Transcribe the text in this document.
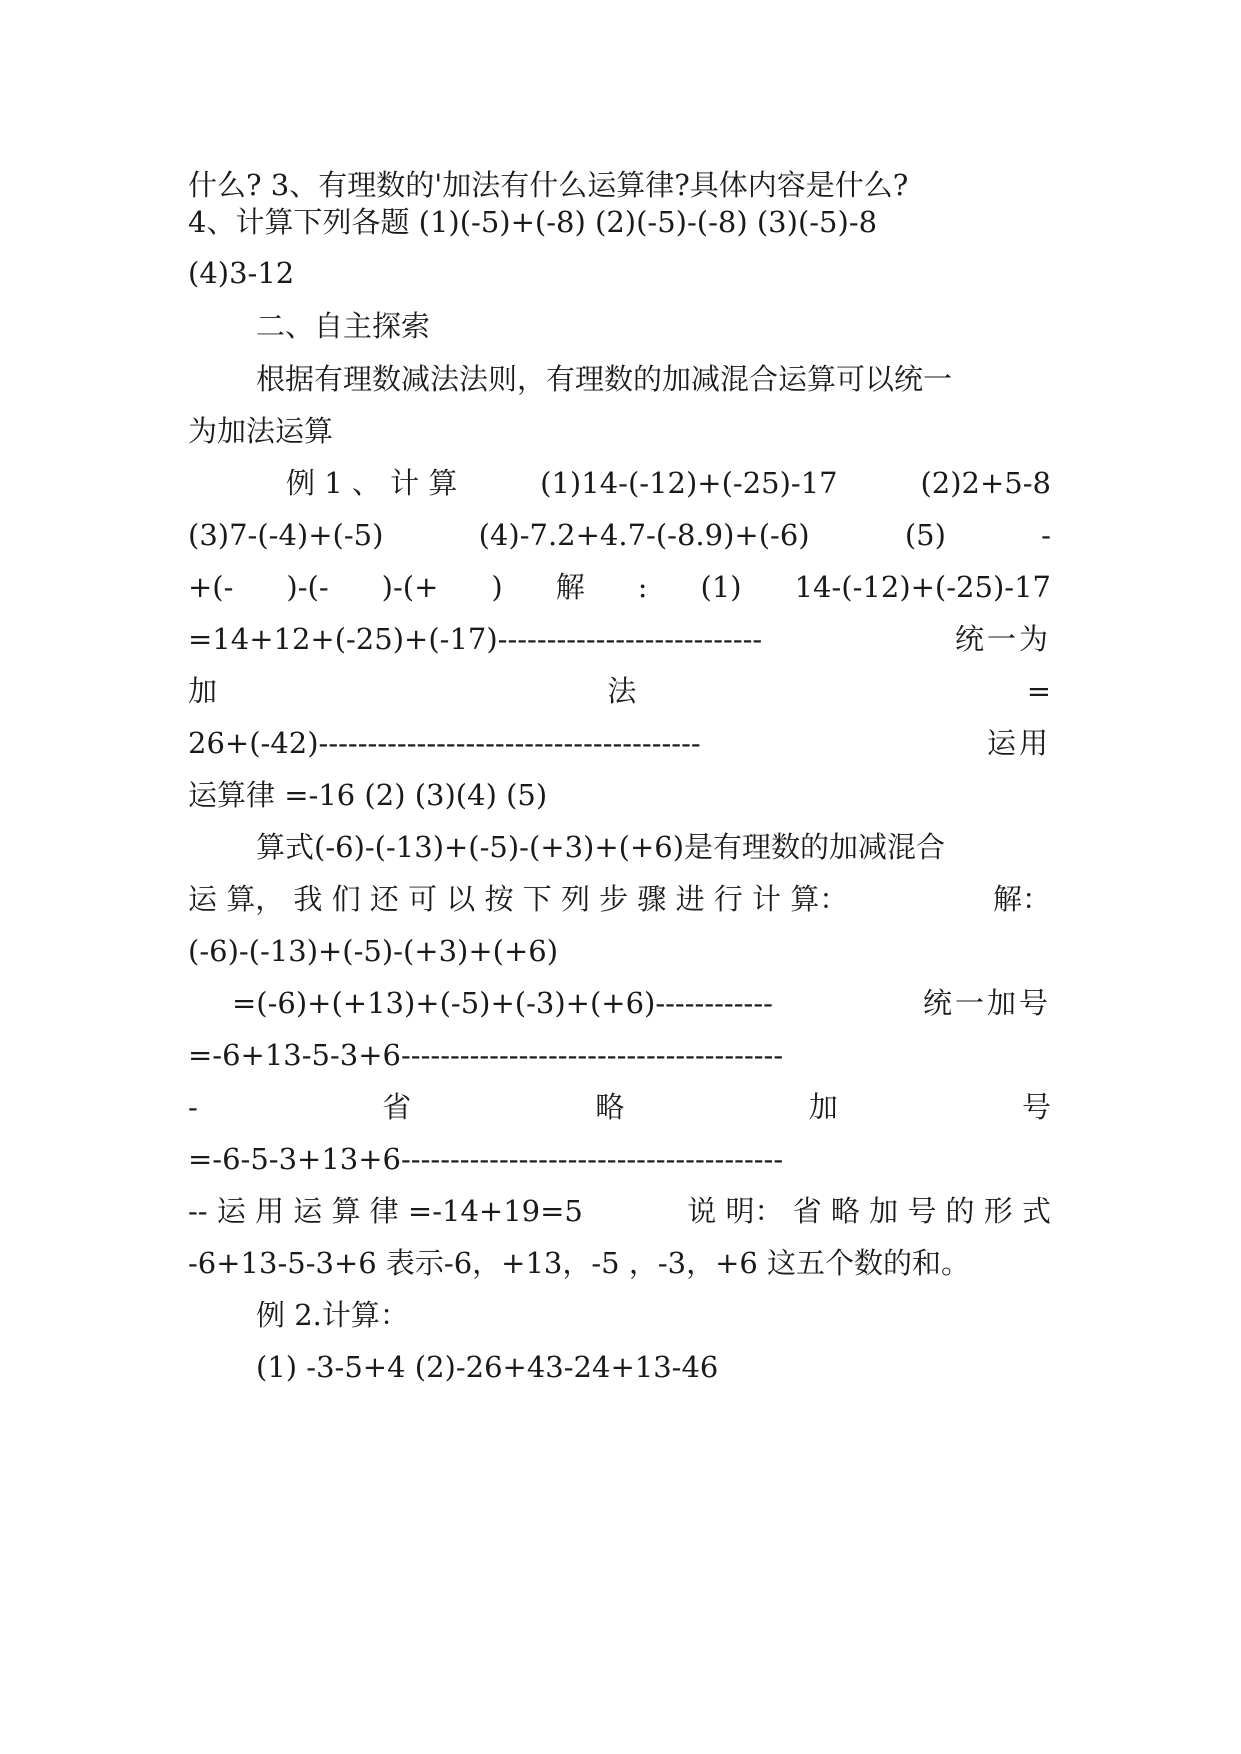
什么? 3、有理数的'加法有什么运算律?具体内容是什么?
4、计算下列各题 (1)(-5)+(-8) (2)(-5)-(-8) (3)(-5)-8
(4)3-12
二、自主探索
根据有理数减法法则，有理数的加减混合运算可以统一
为加法运算
例 1 、 计 算	(1)14-(-12)+(-25)-17	(2)2+5-8
(3)7-(-4)+(-5)	(4)-7.2+4.7-(-8.9)+(-6)	(5)	-
+(- )-(- )-(+ ) 解 : (1) 14-(-12)+(-25)-17
=14+12+(-25)+(-17)---------------------------	统一为
加	法	=
26+(-42)---------------------------------------	运用
运算律 =-16 (2) (3)(4) (5)
算式(-6)-(-13)+(-5)-(+3)+(+6)是有理数的加减混合
运 算， 我 们 还 可 以 按 下 列 步 骤 进 行 计 算：	解：
(-6)-(-13)+(-5)-(+3)+(+6)
=(-6)+(+13)+(-5)+(-3)+(+6)------------	统一加号
=-6+13-5-3+6---------------------------------------
-	省	略	加	号
=-6-5-3+13+6---------------------------------------
-- 运 用 运 算 律 =-14+19=5	说 明： 省 略 加 号 的 形 式
-6+13-5-3+6 表示-6，+13，-5 ，-3，+6 这五个数的和。
例 2.计算：
(1) -3-5+4 (2)-26+43-24+13-46
